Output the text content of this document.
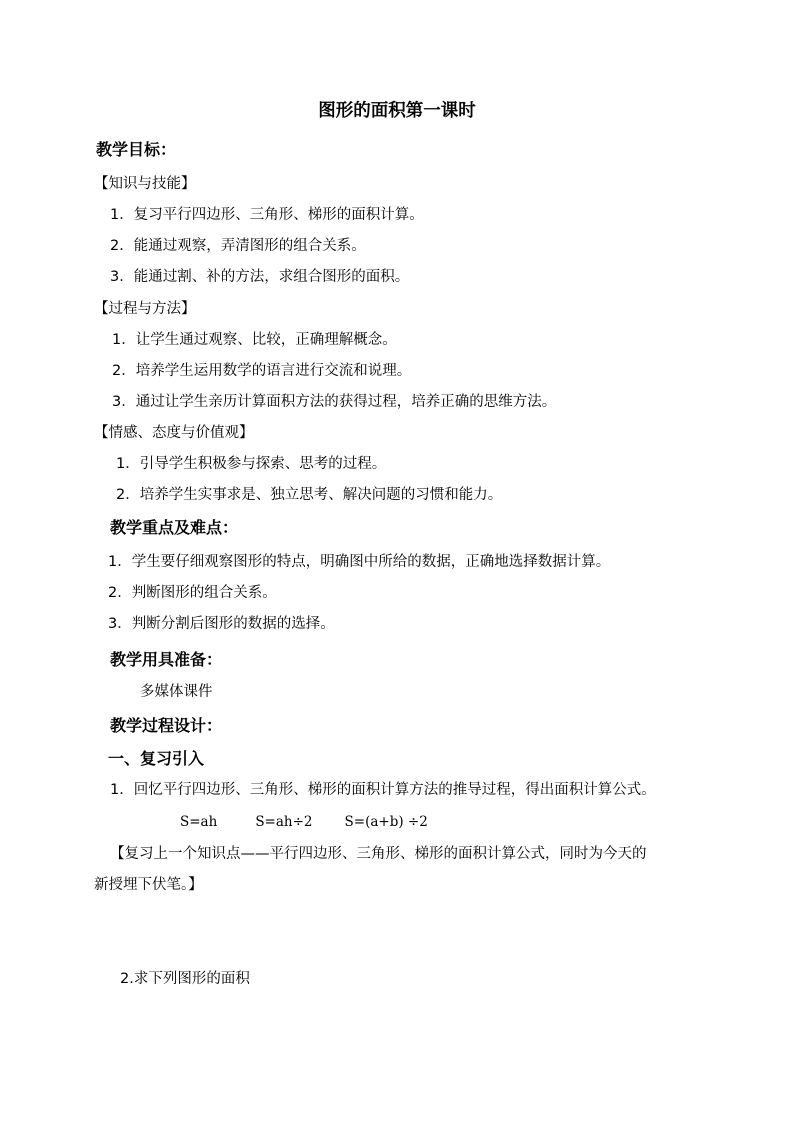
图形的面积第一课时
教学目标：
【知识与技能】
1．复习平行四边形、三角形、梯形的面积计算。
2．能通过观察，弄清图形的组合关系。
3．能通过割、补的方法，求组合图形的面积。
【过程与方法】
1．让学生通过观察、比较，正确理解概念。
2．培养学生运用数学的语言进行交流和说理。
3．通过让学生亲历计算面积方法的获得过程，培养正确的思维方法。
【情感、态度与价值观】
1．引导学生积极参与探索、思考的过程。
2．培养学生实事求是、独立思考、解决问题的习惯和能力。
教学重点及难点：
1．学生要仔细观察图形的特点，明确图中所给的数据，正确地选择数据计算。
2．判断图形的组合关系。
3．判断分割后图形的数据的选择。
教学用具准备：
多媒体课件
教学过程设计：
一、复习引入
1．回忆平行四边形、三角形、梯形的面积计算方法的推导过程，得出面积计算公式。
S=ah	S=ah÷2 S=(a+b) ÷2
【复习上一个知识点——平行四边形、三角形、梯形的面积计算公式，同时为今天的
新授埋下伏笔。】
2.求下列图形的面积
